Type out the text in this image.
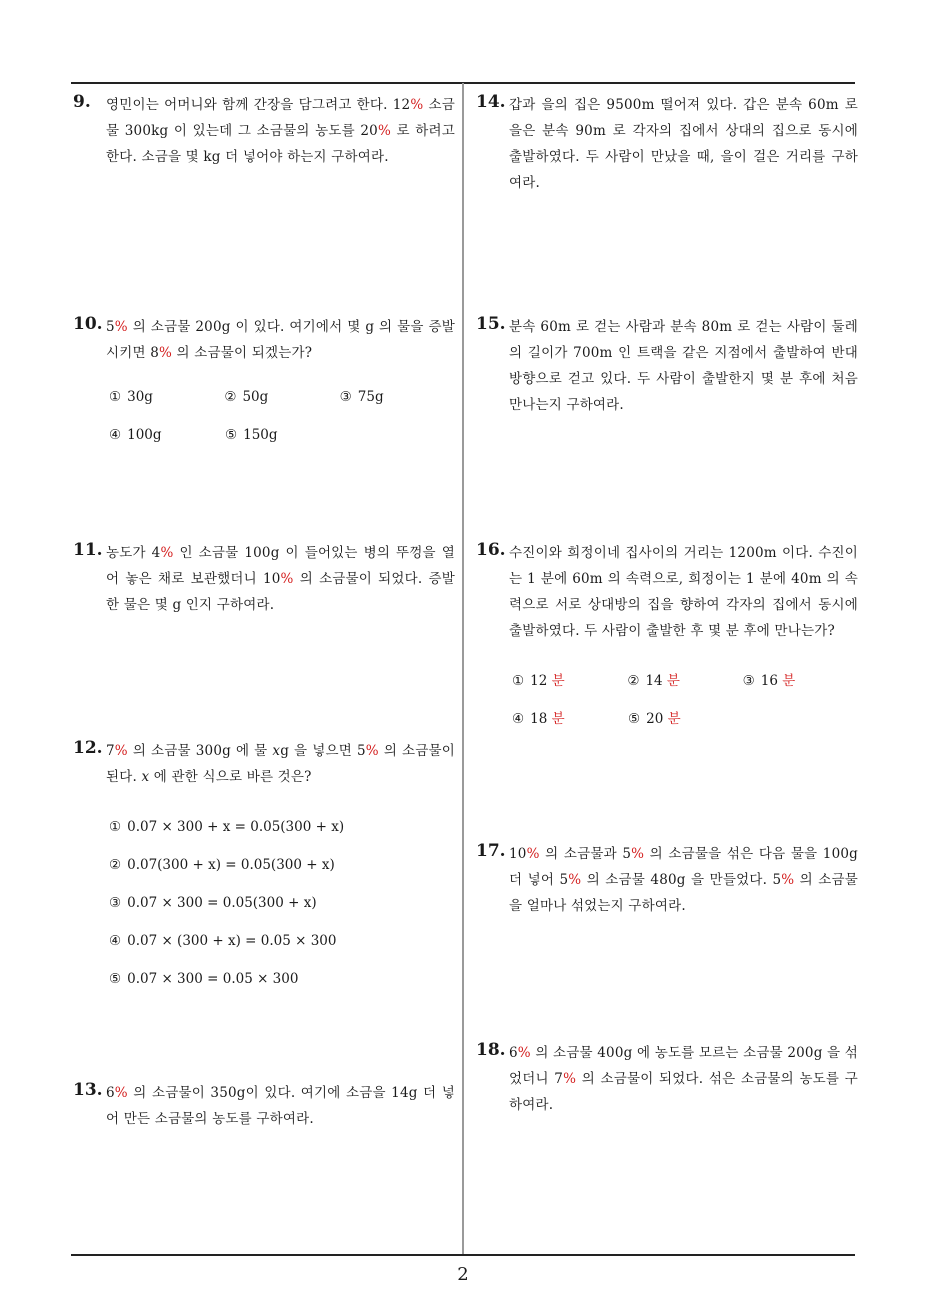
9. 영민이는 어머니와 함께 간장을 담그려고 한다. 12% 소금물 300kg 이 있는데 그 소금물의 농도를 20% 로 하려고 한다. 소금을 몇 kg 더 넣어야 하는지 구하여라.
10. 5% 의 소금물 200g 이 있다. 여기에서 몇 g 의 물을 증발시키면 8% 의 소금물이 되겠는가?
① 30g	② 50g	③ 75g
④ 100g	⑤ 150g
11. 농도가 4% 인 소금물 100g 이 들어있는 병의 뚜껑을 열어 놓은 채로 보관했더니 10% 의 소금물이 되었다. 증발한 물은 몇 g 인지 구하여라.
12. 7% 의 소금물 300g 에 물 xg 을 넣으면 5% 의 소금물이 된다. x 에 관한 식으로 바른 것은?
① 0.07 × 300 + x = 0.05(300 + x)
② 0.07(300 + x) = 0.05(300 + x)
③ 0.07 × 300 = 0.05(300 + x)
④ 0.07 × (300 + x) = 0.05 × 300
⑤ 0.07 × 300 = 0.05 × 300
13. 6% 의 소금물이 350g이 있다. 여기에 소금을 14g 더 넣어 만든 소금물의 농도를 구하여라.
14. 갑과 을의 집은 9500m 떨어져 있다. 갑은 분속 60m 로 을은 분속 90m 로 각자의 집에서 상대의 집으로 동시에 출발하였다. 두 사람이 만났을 때, 을이 걸은 거리를 구하여라.
15. 분속 60m 로 걷는 사람과 분속 80m 로 걷는 사람이 둘레의 길이가 700m 인 트랙을 같은 지점에서 출발하여 반대 방향으로 걷고 있다. 두 사람이 출발한지 몇 분 후에 처음 만나는지 구하여라.
16. 수진이와 희정이네 집사이의 거리는 1200m 이다. 수진이는 1 분에 60m 의 속력으로, 희정이는 1 분에 40m 의 속력으로 서로 상대방의 집을 향하여 각자의 집에서 동시에 출발하였다. 두 사람이 출발한 후 몇 분 후에 만나는가?
① 12 분	② 14 분	③ 16 분
④ 18 분	⑤ 20 분
17. 10% 의 소금물과 5% 의 소금물을 섞은 다음 물을 100g 더 넣어 5% 의 소금물 480g 을 만들었다. 5% 의 소금물을 얼마나 섞었는지 구하여라.
18. 6% 의 소금물 400g 에 농도를 모르는 소금물 200g 을 섞었더니 7% 의 소금물이 되었다. 섞은 소금물의 농도를 구하여라.
2
